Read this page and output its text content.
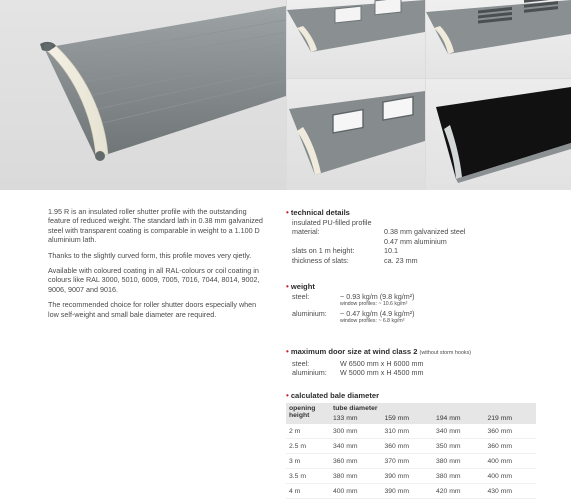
1.95 R is an insulated roller shutter profile with the outstanding feature of reduced weight. The standard lath in 0.38 mm galvanized steel with transparent coating is comparable in weight to a 1.100 D aluminium lath.

Thanks to the slightly curved form, this profile moves very qietly.

Available with coloured coating in all RAL-colours or coil coating in colours like RAL 3000, 5010, 6009, 7005, 7016, 7044, 8014, 9002, 9006, 9007 and 9016.

The recommended choice for roller shutter doors especially when low self-weight and small bale diameter are required.

• technical details
insulated PU-filled profile
material:	0.38 mm galvanized steel
0.47 mm aluminium
slats on 1 m height:	10.1
thickness of slats:	ca. 23 mm
• weight
steel:	~ 0.93 kg/m (9.8 kg/m²)
window profiles: ~ 10.6 kg/m²
aluminium:	~ 0.47 kg/m (4.9 kg/m²)
window profiles: ~ 6.8 kg/m²
• maximum door size at wind class 2 (without storm hooks)
steel:	W 6500 mm x H 6000 mm
aluminium:	W 5000 mm x H 4500 mm
• calculated bale diameter
opening height	tube diameter			
	133 mm	159 mm	194 mm	219 mm
2 m	300 mm	310 mm	340 mm	360 mm
2.5 m	340 mm	360 mm	350 mm	360 mm
3 m	360 mm	370 mm	380 mm	400 mm
3.5 m	380 mm	390 mm	380 mm	400 mm
4 m	400 mm	390 mm	420 mm	430 mm
